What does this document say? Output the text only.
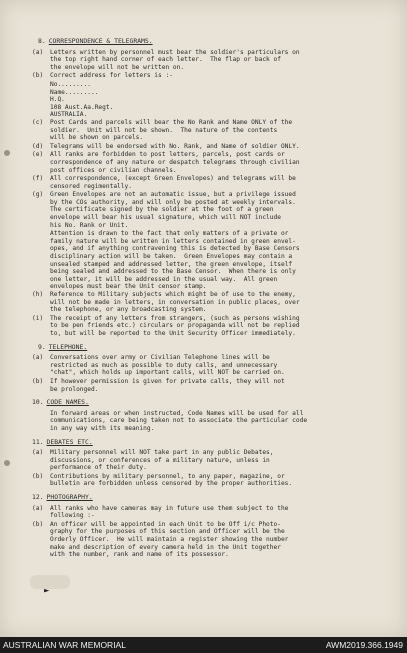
►
8. CORRESPONDENCE & TELEGRAMS.
(a)	Letters written by personnel must bear the soldier's particulars on
the top right hand corner of each letter.  The flap or back of
the envelope will not be written on.
(b)	Correct address for letters is :-
No.........
Name.........
H.Q.
108 Aust.Aa.Regt.
AUSTRALIA.
(c)	Post Cards and parcels will bear the No Rank and Name ONLY of the
soldier.  Unit will not be shown.  The nature of the contents
will be shown on parcels.
(d)	Telegrams will be endorsed with No. Rank, and Name of soldier ONLY.
(e)	All ranks are forbidden to post letters, parcels, post cards or
correspondence of any nature or despatch telegrams through civilian
post offices or civilian channels.
(f)	All correspondence, (except Green Envelopes) and telegrams will be
censored regimentally.
(g)	Green Envelopes are not an automatic issue, but a privilege issued
by the COs authority, and will only be posted at weekly intervals.
The certificate signed by the soldier at the foot of a green
envelope will bear his usual signature, which will NOT include
his No. Rank or Unit.
Attention is drawn to the fact that only matters of a private or
family nature will be written in letters contained in green envel-
opes, and if anything contravening this is detected by Base Censors
disciplinary action will be taken.  Green Envelopes may contain a
unsealed stamped and addressed letter, the green envelope, itself
being sealed and addressed to the Base Censor.  When there is only
one letter, it will be addressed in the usual way.  All green
envelopes must bear the Unit censor stamp.
(h)	Reference to Military subjects which might be of use to the enemy,
will not be made in letters, in conversation in public places, over
the telephone, or any broadcasting system.
(i)	The receipt of any letters from strangers, (such as persons wishing
to be pen friends etc.) circulars or propaganda will not be replied
to, but will be reported to the Unit Security Officer immediately.
9. TELEPHONE.
(a)	Conversations over army or Civilian Telephone lines will be
restricted as much as possible to duty calls, and unnecessary
"chat", which holds up important calls, will NOT be carried on.
(b)	If however permission is given for private calls, they will not
be prolonged.
10. CODE NAMES.
In forward areas or when instructed, Code Names will be used for all
communications, care being taken not to associate the particular code
in any way with its meaning.
11. DEBATES ETC.
(a)	Military personnel will NOT take part in any public Debates,
discussions, or conferences of a military nature, unless in
performance of their duty.
(b)	Contributions by military personnel, to any paper, magazine, or
bulletin are forbidden unless censored by the proper authorities.
12. PHOTOGRAPHY.
(a)	All ranks who have cameras may in future use them subject to the
following :-
(b)	An officer will be appointed in each Unit to be Off i/c Photo-
graphy for the purposes of this section and Officer will be the
Orderly Officer.  He will maintain a register showing the number
make and description of every camera held in the Unit together
with the number, rank and name of its possessor.
AUSTRALIAN WAR MEMORIAL	AWM2019.366.1949
